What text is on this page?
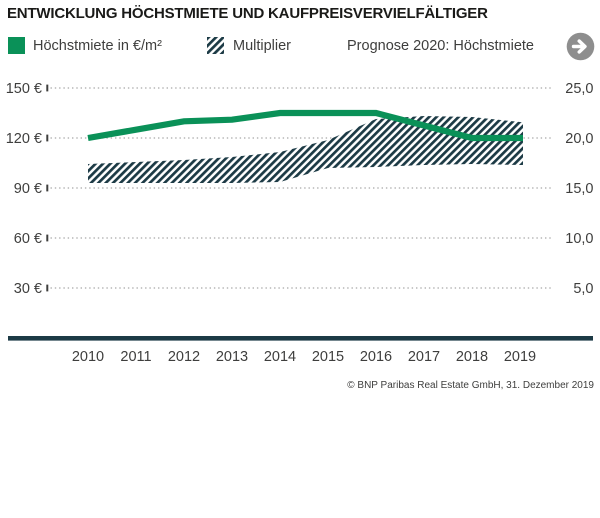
ENTWICKLUNG HÖCHSTMIETE UND KAUFPREISVERVIELFÄLTIGER
Höchstmiete in €/m²	Multiplier	Prognose 2020: Höchstmiete
150 €	25,0
120 €	20,0
90 €	15,0
60 €	10,0
30 €	5,0
2010 2011 2012 2013 2014 2015 2016 2017 2018 2019
© BNP Paribas Real Estate GmbH, 31. Dezember 2019
